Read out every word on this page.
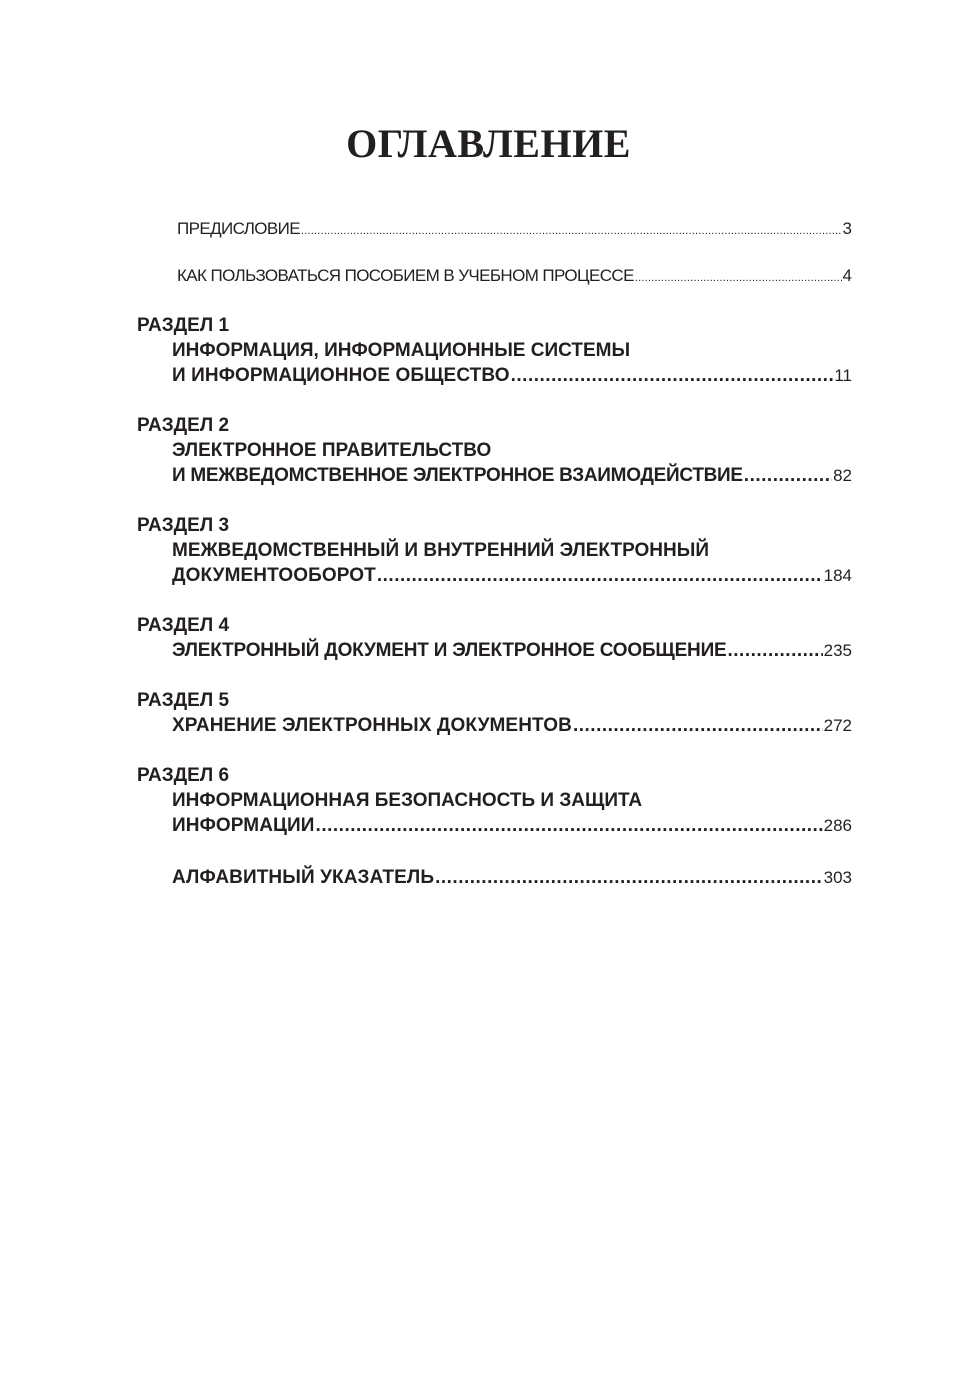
ОГЛАВЛЕНИЕ
ПРЕДИСЛОВИЕ .....	3
КАК ПОЛЬЗОВАТЬСЯ ПОСОБИЕМ В УЧЕБНОМ ПРОЦЕССЕ .....	4
РАЗДЕЛ 1
ИНФОРМАЦИЯ, ИНФОРМАЦИОННЫЕ СИСТЕМЫ
И ИНФОРМАЦИОННОЕ ОБЩЕСТВО .....	11
РАЗДЕЛ 2
ЭЛЕКТРОННОЕ ПРАВИТЕЛЬСТВО
И МЕЖВЕДОМСТВЕННОЕ ЭЛЕКТРОННОЕ ВЗАИМОДЕЙСТВИЕ .....	82
РАЗДЕЛ 3
МЕЖВЕДОМСТВЕННЫЙ И ВНУТРЕННИЙ ЭЛЕКТРОННЫЙ
ДОКУМЕНТООБОРОТ .....	184
РАЗДЕЛ 4
ЭЛЕКТРОННЫЙ ДОКУМЕНТ И ЭЛЕКТРОННОЕ СООБЩЕНИЕ .....	235
РАЗДЕЛ 5
ХРАНЕНИЕ ЭЛЕКТРОННЫХ ДОКУМЕНТОВ .....	272
РАЗДЕЛ 6
ИНФОРМАЦИОННАЯ БЕЗОПАСНОСТЬ И ЗАЩИТА
ИНФОРМАЦИИ .....	286
АЛФАВИТНЫЙ УКАЗАТЕЛЬ .....	303
